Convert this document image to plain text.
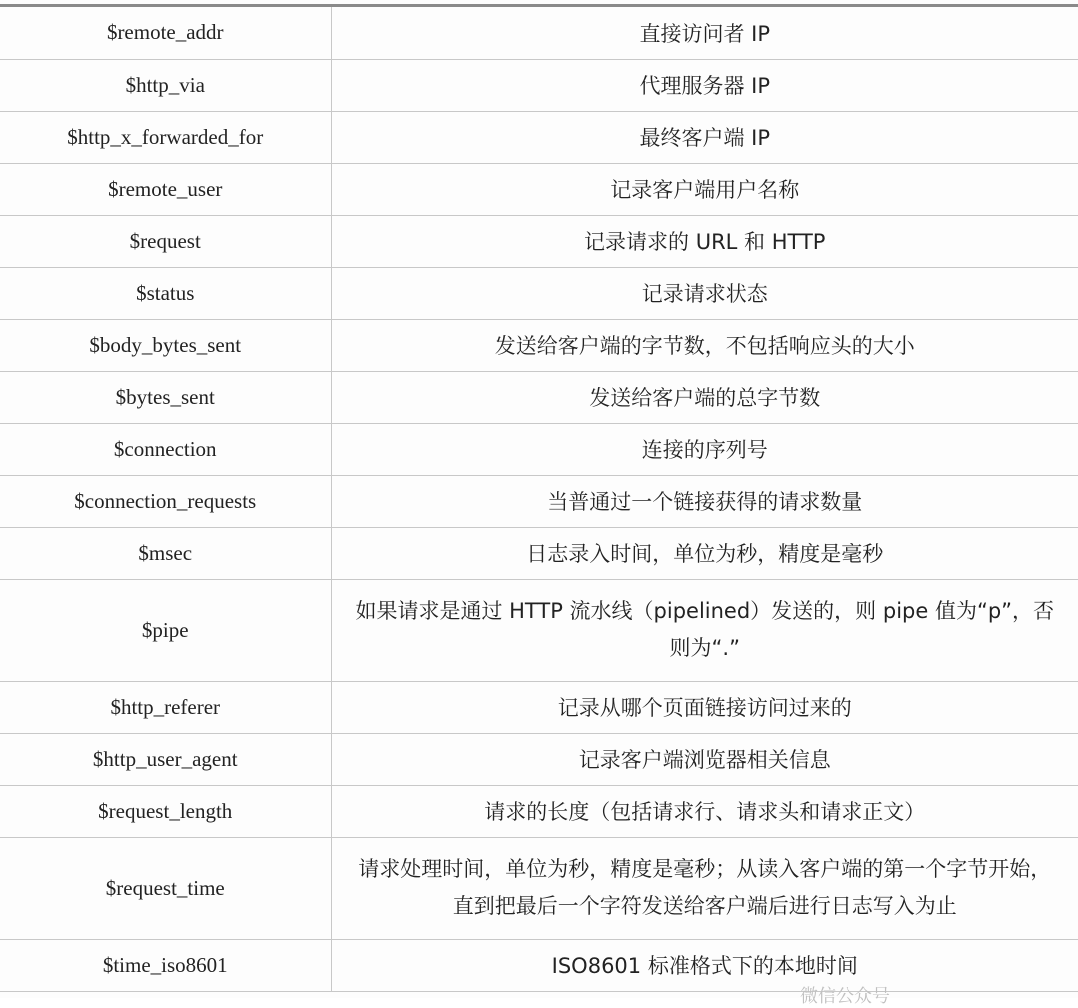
$remote_addr	直接访问者 IP
$http_via	代理服务器 IP
$http_x_forwarded_for	最终客户端 IP
$remote_user	记录客户端用户名称
$request	记录请求的 URL 和 HTTP
$status	记录请求状态
$body_bytes_sent	发送给客户端的字节数，不包括响应头的大小
$bytes_sent	发送给客户端的总字节数
$connection	连接的序列号
$connection_requests	当普通过一个链接获得的请求数量
$msec	日志录入时间，单位为秒，精度是毫秒
$pipe	如果请求是通过 HTTP 流水线（pipelined）发送的，则 pipe 值为“p”，否则为“.”
$http_referer	记录从哪个页面链接访问过来的
$http_user_agent	记录客户端浏览器相关信息
$request_length	请求的长度（包括请求行、请求头和请求正文）
$request_time	请求处理时间，单位为秒，精度是毫秒；从读入客户端的第一个字节开始，直到把最后一个字符发送给客户端后进行日志写入为止
$time_iso8601	ISO8601 标准格式下的本地时间
微信公众号
